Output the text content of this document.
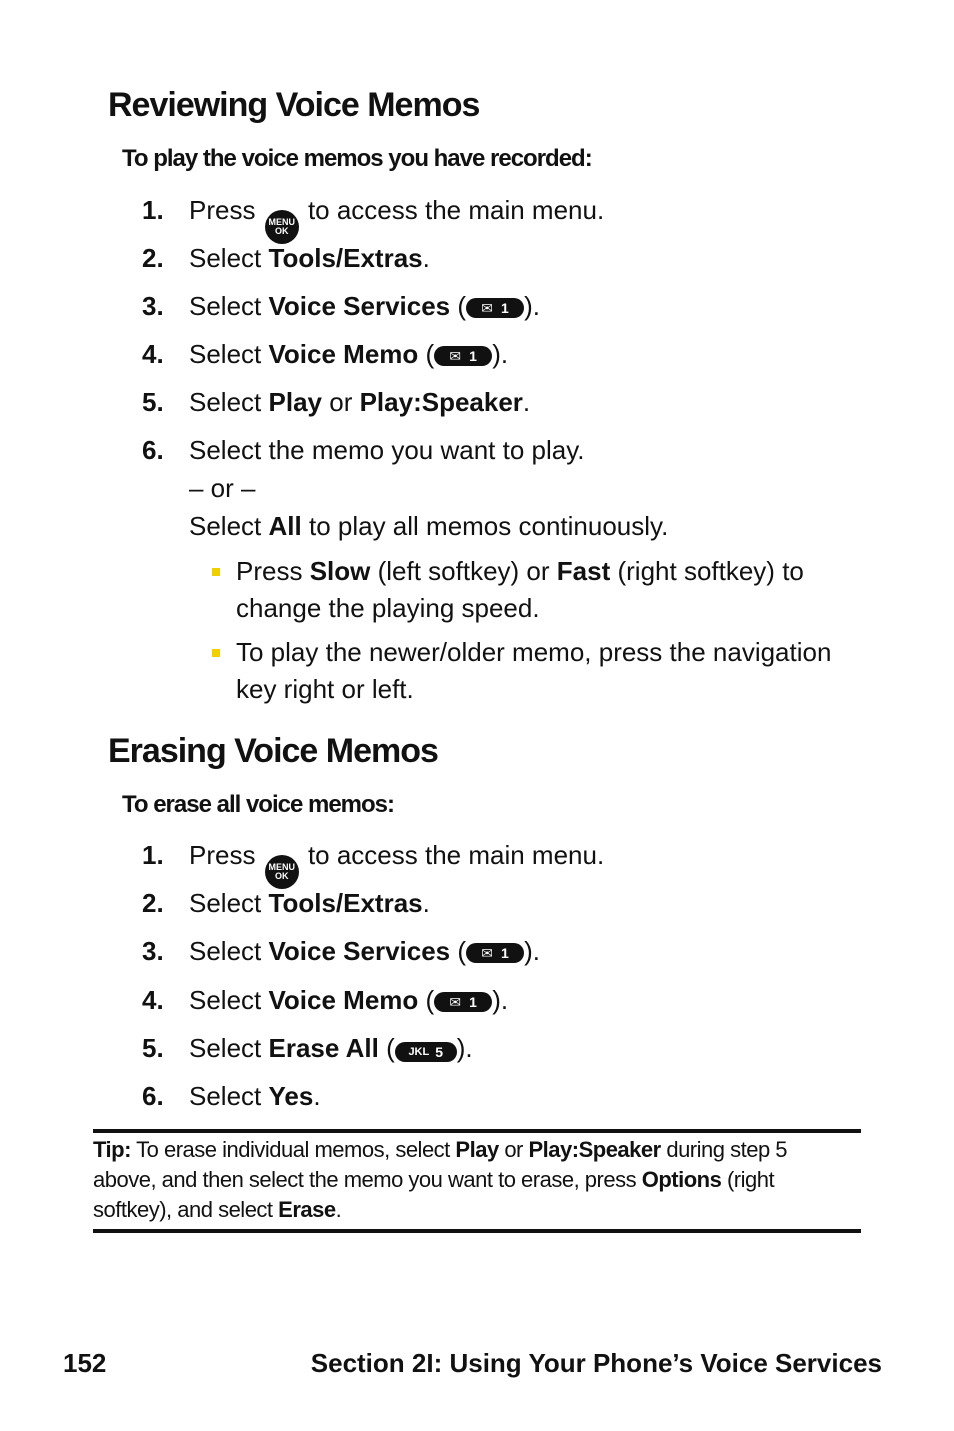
Reviewing Voice Memos
To play the voice memos you have recorded:
1. Press MENU
OK
to access the main menu.
2. Select Tools/Extras.
3. Select Voice Services ( ✉ 1 ).
4. Select Voice Memo ( ✉ 1 ).
5. Select Play or Play:Speaker.
6. Select the memo you want to play.
– or –
Select All to play all memos continuously.
Press Slow (left softkey) or Fast (right softkey) to change the playing speed.
To play the newer/older memo, press the navigation key right or left.
Erasing Voice Memos
To erase all voice memos:
1. Press MENU
OK
to access the main menu.
2. Select Tools/Extras.
3. Select Voice Services ( ✉ 1 ).
4. Select Voice Memo ( ✉ 1 ).
5. Select Erase All ( JKL 5 ).
6. Select Yes.
Tip: To erase individual memos, select Play or Play:Speaker during step 5 above, and then select the memo you want to erase, press Options (right softkey), and select Erase.
152	Section 2I: Using Your Phone’s Voice Services
